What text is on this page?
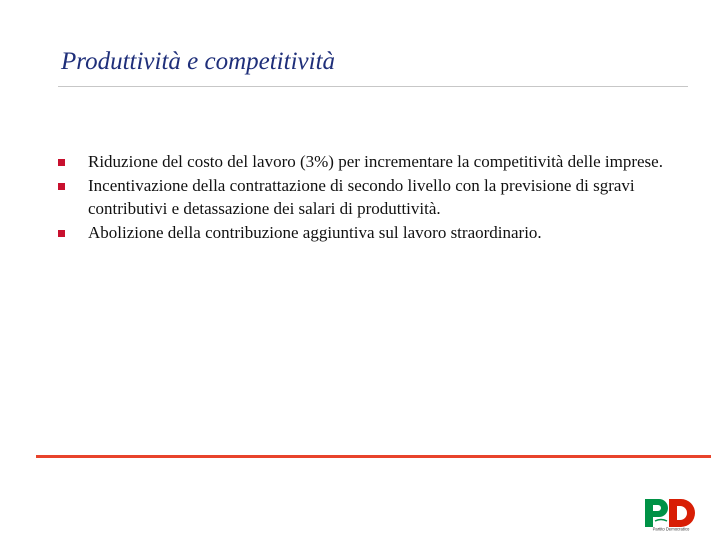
Produttività e competitività
Riduzione del costo del lavoro (3%) per incrementare la competitività delle imprese.
Incentivazione della contrattazione di secondo livello con la previsione di sgravi contributivi e detassazione dei salari di produttività.
Abolizione della contribuzione aggiuntiva sul lavoro straordinario.
Partito Democratico
